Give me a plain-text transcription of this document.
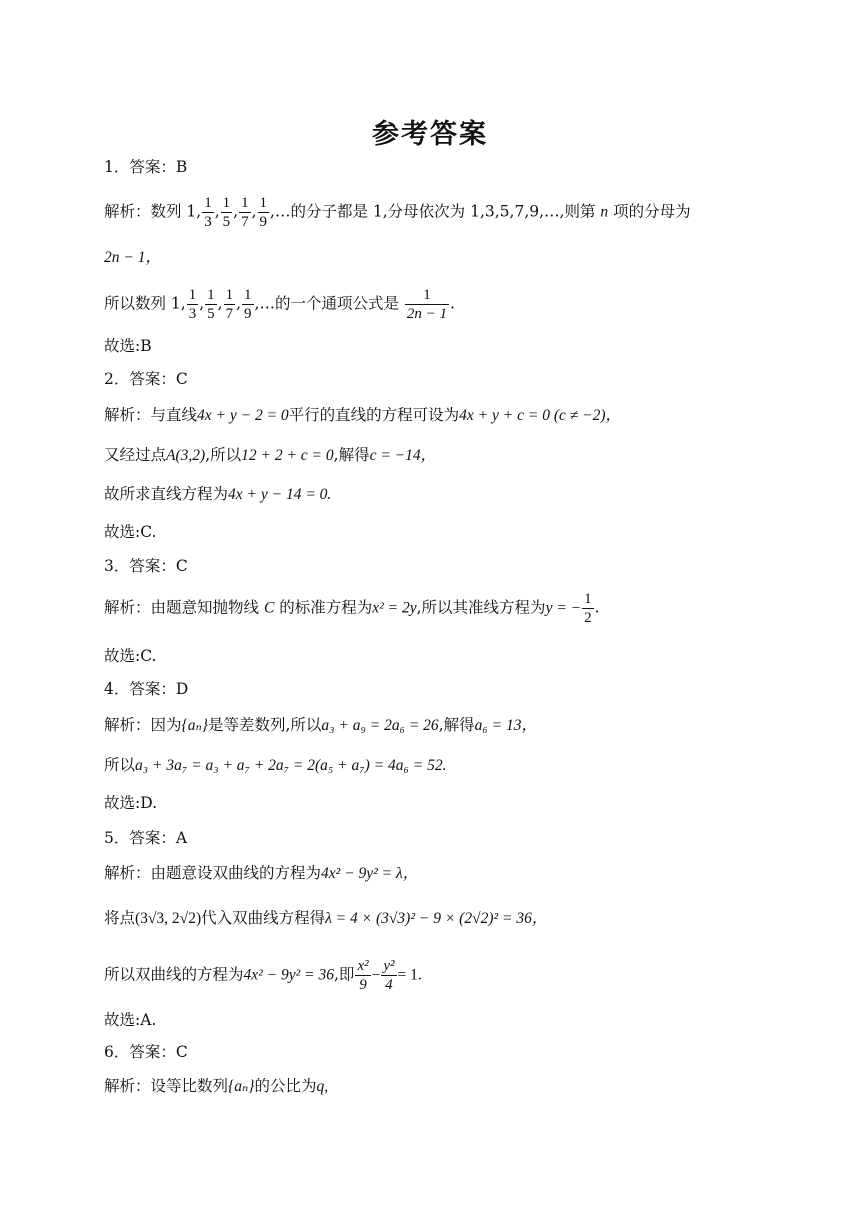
参考答案
1．答案：B
解析：数列 1, $\frac{1}{3}$ , $\frac{1}{5}$ , $\frac{1}{7}$ , $\frac{1}{9}$ ,…的分子都是 1,分母依次为 1,3,5,7,9,…,则第 n 项的分母为
2n − 1，
所以数列 1, $\frac{1}{3}$ , $\frac{1}{5}$ , $\frac{1}{7}$ , $\frac{1}{9}$ ,…的一个通项公式是 $\frac{1}{2n - 1}$ .
故选:B
2．答案：C
解析：与直线4x + y − 2 = 0平行的直线的方程可设为4x + y + c = 0 (c ≠ −2)，
又经过点A(3,2),所以12 + 2 + c = 0,解得c = −14，
故所求直线方程为4x + y − 14 = 0.
故选:C.
3．答案：C
解析：由题意知抛物线 C 的标准方程为x² = 2y,所以其准线方程为y = − $\frac{1}{2}$ .
故选:C.
4．答案：D
解析：因为{aₙ}是等差数列,所以a₃ + a₉ = 2a₆ = 26,解得a₆ = 13，
所以a₃ + 3a₇ = a₃ + a₇ + 2a₇ = 2(a₅ + a₇) = 4a₆ = 52.
故选:D.
5．答案：A
解析：由题意设双曲线的方程为4x² − 9y² = λ，
将点(3√3, 2√2)代入双曲线方程得λ = 4 × (3√3)² − 9 × (2√2)² = 36，
所以双曲线的方程为4x² − 9y² = 36,即 $\frac{\text{x²}}{9} - \frac{\text{y²}}{4} = 1$.
故选:A.
6．答案：C
解析：设等比数列{aₙ}的公比为q,
